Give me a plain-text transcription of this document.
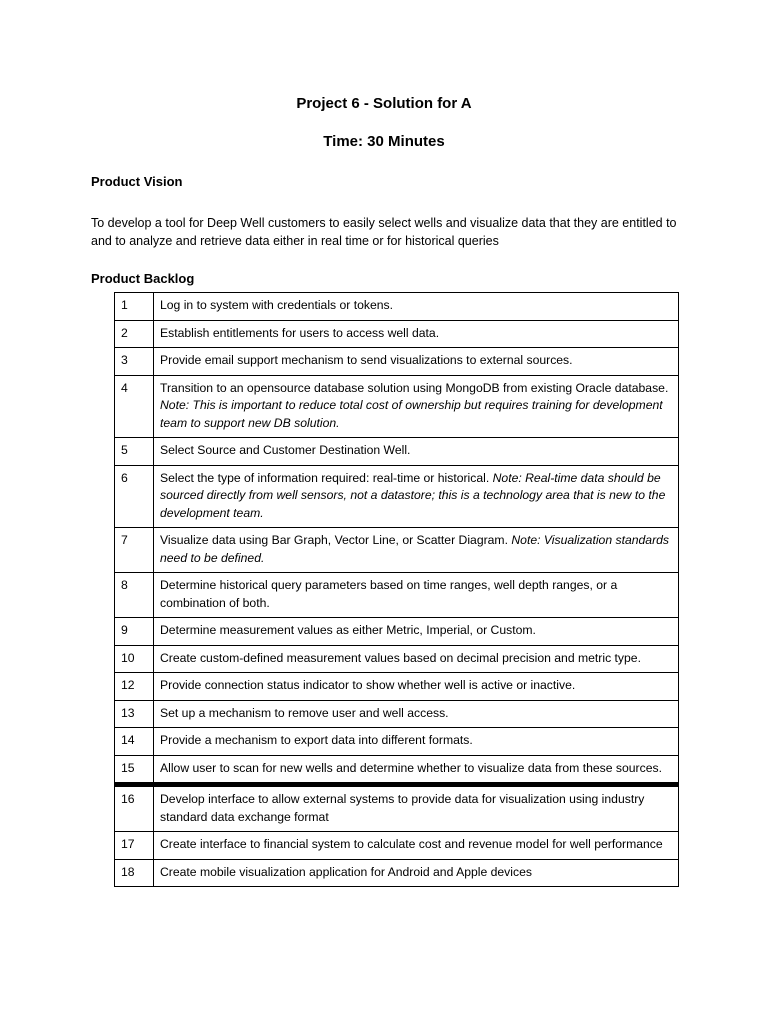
Project 6 - Solution for A
Time: 30 Minutes
Product Vision
To develop a tool for Deep Well customers to easily select wells and visualize data that they are entitled to and to analyze and retrieve data either in real time or for historical queries
Product Backlog
1	Log in to system with credentials or tokens.
2	Establish entitlements for users to access well data.
3	Provide email support mechanism to send visualizations to external sources.
4	Transition to an opensource database solution using MongoDB from existing Oracle database. Note: This is important to reduce total cost of ownership but requires training for development team to support new DB solution.
5	Select Source and Customer Destination Well.
6	Select the type of information required: real-time or historical. Note: Real-time data should be sourced directly from well sensors, not a datastore; this is a technology area that is new to the development team.
7	Visualize data using Bar Graph, Vector Line, or Scatter Diagram. Note: Visualization standards need to be defined.
8	Determine historical query parameters based on time ranges, well depth ranges, or a combination of both.
9	Determine measurement values as either Metric, Imperial, or Custom.
10	Create custom-defined measurement values based on decimal precision and metric type.
12	Provide connection status indicator to show whether well is active or inactive.
13	Set up a mechanism to remove user and well access.
14	Provide a mechanism to export data into different formats.
15	Allow user to scan for new wells and determine whether to visualize data from these sources.
16	Develop interface to allow external systems to provide data for visualization using industry standard data exchange format
17	Create interface to financial system to calculate cost and revenue model for well performance
18	Create mobile visualization application for Android and Apple devices
